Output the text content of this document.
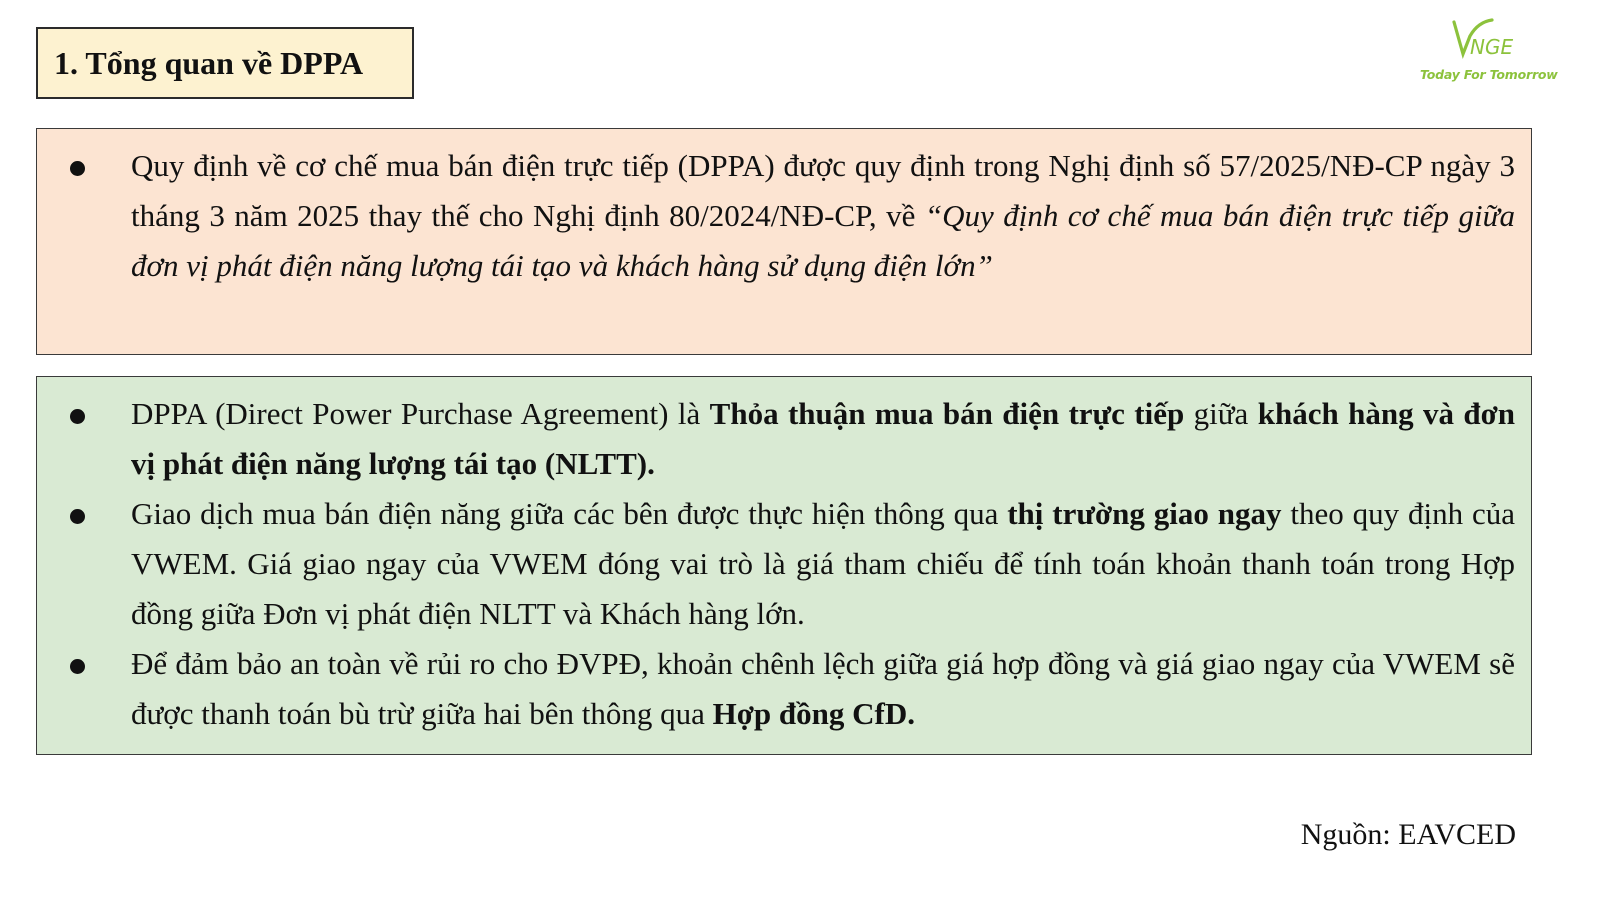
1. Tổng quan về DPPA	NGE
Today For Tomorrow
Quy định về cơ chế mua bán điện trực tiếp (DPPA) được quy định trong Nghị định số 57/2025/NĐ-CP ngày 3 tháng 3 năm 2025 thay thế cho Nghị định 80/2024/NĐ-CP, về “Quy định cơ chế mua bán điện trực tiếp giữa đơn vị phát điện năng lượng tái tạo và khách hàng sử dụng điện lớn”
DPPA (Direct Power Purchase Agreement) là Thỏa thuận mua bán điện trực tiếp giữa khách hàng và đơn vị phát điện năng lượng tái tạo (NLTT).
Giao dịch mua bán điện năng giữa các bên được thực hiện thông qua thị trường giao ngay theo quy định của VWEM. Giá giao ngay của VWEM đóng vai trò là giá tham chiếu để tính toán khoản thanh toán trong Hợp đồng giữa Đơn vị phát điện NLTT và Khách hàng lớn.
Để đảm bảo an toàn về rủi ro cho ĐVPĐ, khoản chênh lệch giữa giá hợp đồng và giá giao ngay của VWEM sẽ được thanh toán bù trừ giữa hai bên thông qua Hợp đồng CfD.
Nguồn: EAVCED
